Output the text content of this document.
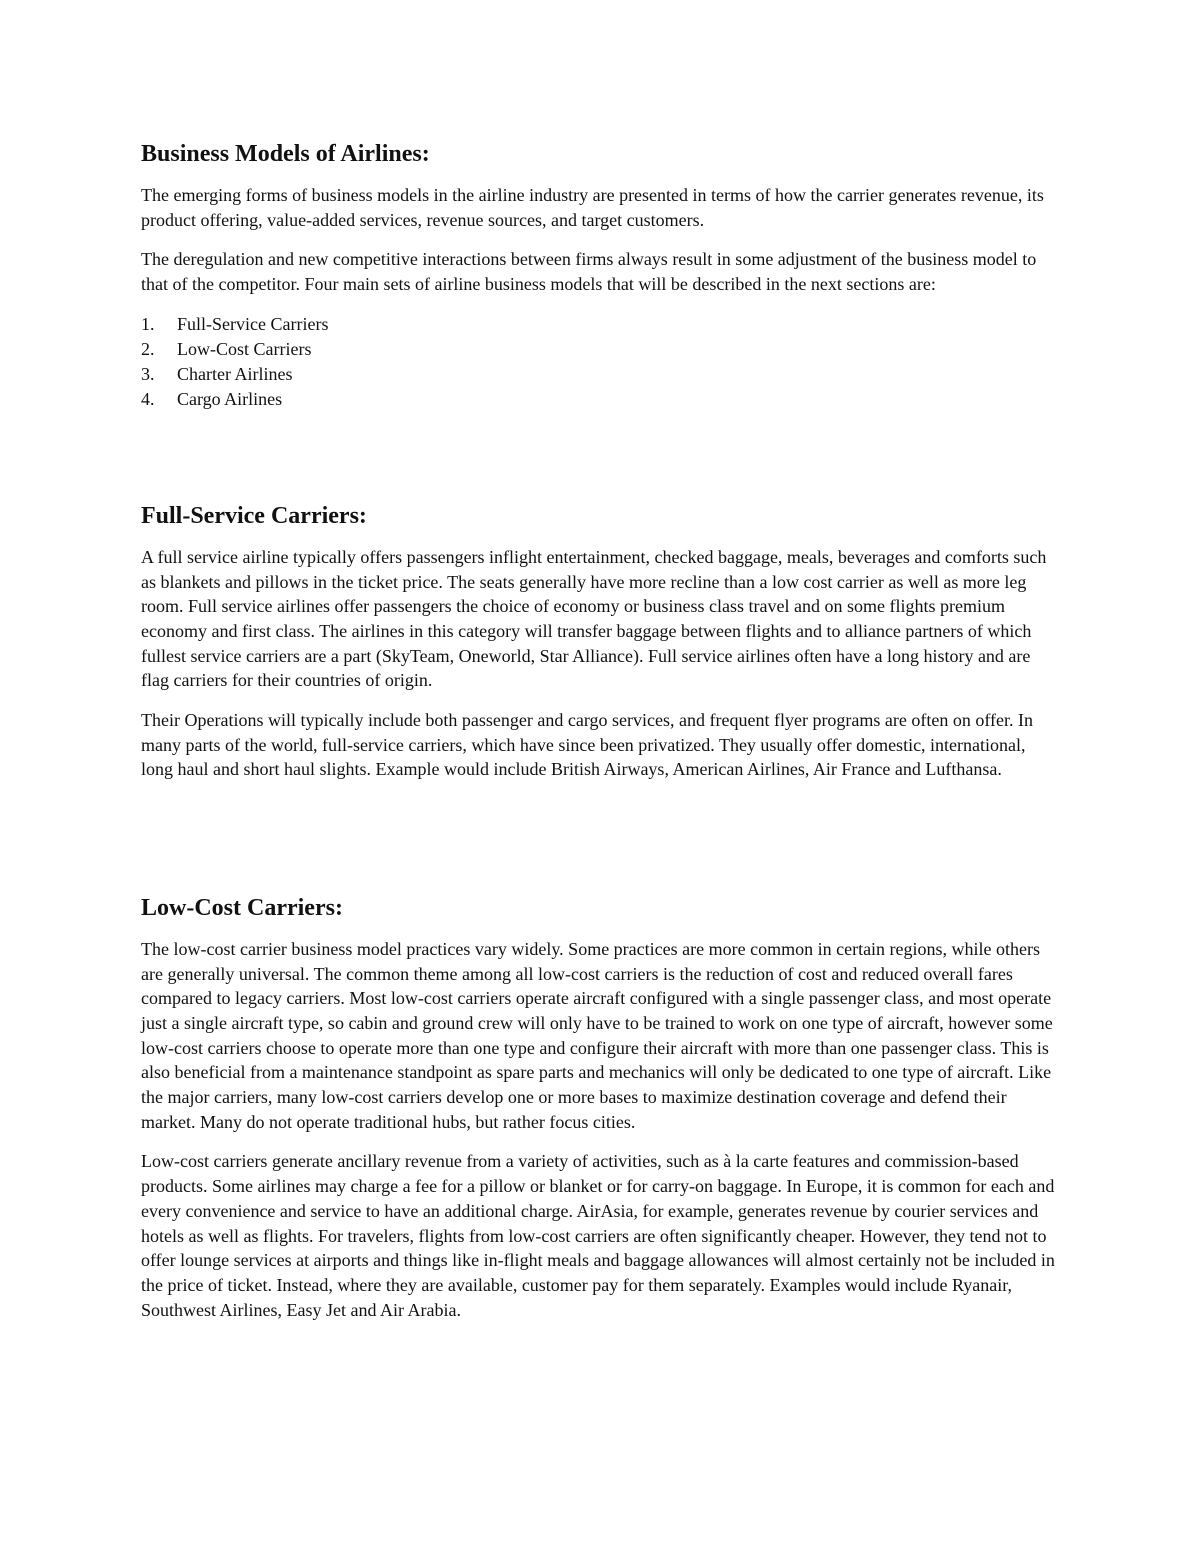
Business Models of Airlines:

The emerging forms of business models in the airline industry are presented in terms of how the carrier generates revenue, its product offering, value-added services, revenue sources, and target customers.

The deregulation and new competitive interactions between firms always result in some adjustment of the business model to that of the competitor. Four main sets of airline business models that will be described in the next sections are:

1.	Full-Service Carriers
2.	Low-Cost Carriers
3.	Charter Airlines
4.	Cargo Airlines
Full-Service Carriers:

A full service airline typically offers passengers inflight entertainment, checked baggage, meals, beverages and comforts such as blankets and pillows in the ticket price. The seats generally have more recline than a low cost carrier as well as more leg room. Full service airlines offer passengers the choice of economy or business class travel and on some flights premium economy and first class. The airlines in this category will transfer baggage between flights and to alliance partners of which fullest service carriers are a part (SkyTeam, Oneworld, Star Alliance). Full service airlines often have a long history and are flag carriers for their countries of origin.

Their Operations will typically include both passenger and cargo services, and frequent flyer programs are often on offer. In many parts of the world, full-service carriers, which have since been privatized. They usually offer domestic, international, long haul and short haul slights. Example would include British Airways, American Airlines, Air France and Lufthansa.

Low-Cost Carriers:

The low-cost carrier business model practices vary widely. Some practices are more common in certain regions, while others are generally universal. The common theme among all low-cost carriers is the reduction of cost and reduced overall fares compared to legacy carriers. Most low-cost carriers operate aircraft configured with a single passenger class, and most operate just a single aircraft type, so cabin and ground crew will only have to be trained to work on one type of aircraft, however some low-cost carriers choose to operate more than one type and configure their aircraft with more than one passenger class. This is also beneficial from a maintenance standpoint as spare parts and mechanics will only be dedicated to one type of aircraft. Like the major carriers, many low-cost carriers develop one or more bases to maximize destination coverage and defend their market. Many do not operate traditional hubs, but rather focus cities.

Low-cost carriers generate ancillary revenue from a variety of activities, such as à la carte features and commission-based products. Some airlines may charge a fee for a pillow or blanket or for carry-on baggage. In Europe, it is common for each and every convenience and service to have an additional charge. AirAsia, for example, generates revenue by courier services and hotels as well as flights. For travelers, flights from low-cost carriers are often significantly cheaper. However, they tend not to offer lounge services at airports and things like in-flight meals and baggage allowances will almost certainly not be included in the price of ticket. Instead, where they are available, customer pay for them separately. Examples would include Ryanair, Southwest Airlines, Easy Jet and Air Arabia.
